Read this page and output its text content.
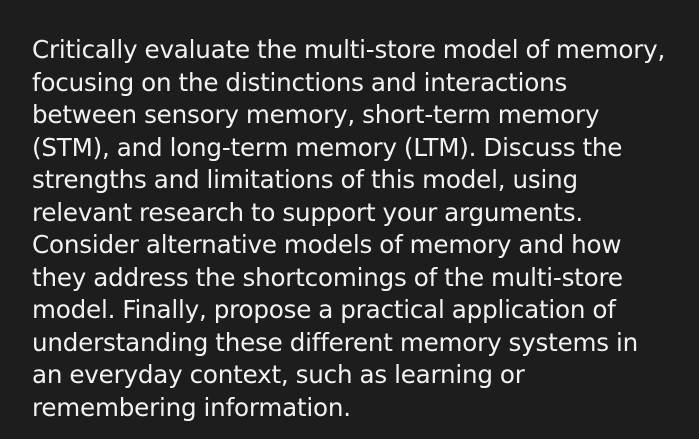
Critically evaluate the multi-store model of memory, focusing on the distinctions and interactions between sensory memory, short-term memory (STM), and long-term memory (LTM). Discuss the strengths and limitations of this model, using relevant research to support your arguments. Consider alternative models of memory and how they address the shortcomings of the multi-store model. Finally, propose a practical application of understanding these different memory systems in an everyday context, such as learning or remembering information.
